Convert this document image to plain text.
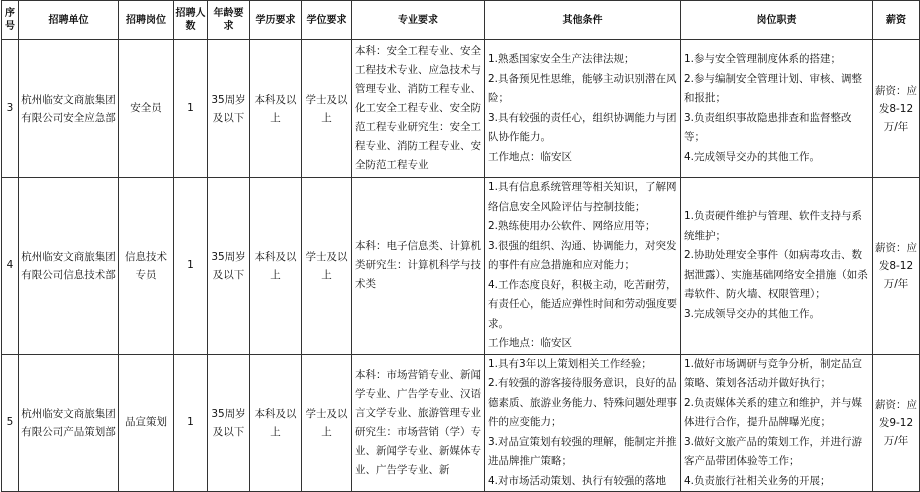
序号	招聘单位	招聘岗位	招聘人数	年龄要求	学历要求	学位要求	专业要求	其他条件	岗位职责	薪资
3	杭州临安文商旅集团有限公司安全应急部	安全员	1	35周岁及以下	本科及以上	学士及以上	本科：安全工程专业、安全工程技术专业、应急技术与管理专业、消防工程专业、化工安全工程专业、安全防范工程专业研究生：安全工程专业、消防工程专业、安全防范工程专业	1.熟悉国家安全生产法律法规；
2.具备预见性思维，能够主动识别潜在风险；
3.具有较强的责任心，组织协调能力与团队协作能力。
工作地点：临安区	1.参与安全管理制度体系的搭建；
2.参与编制安全管理计划、审核、调整和报批；
3.负责组织事故隐患排查和监督整改等；
4.完成领导交办的其他工作。	薪资：应发8-12万/年
4	杭州临安文商旅集团有限公司信息技术部	信息技术专员	1	35周岁及以下	本科及以上	学士及以上	本科：电子信息类、计算机类研究生：计算机科学与技术类	1.具有信息系统管理等相关知识，了解网络信息安全风险评估与控制技能；
2.熟练使用办公软件、网络应用等；
3.很强的组织、沟通、协调能力，对突发的事件有应急措施和应对能力；
4.工作态度良好，积极主动，吃苦耐劳，有责任心，能适应弹性时间和劳动强度要求。
工作地点：临安区	1.负责硬件维护与管理、软件支持与系统维护；
2.协助处理安全事件（如病毒攻击、数据泄露）、实施基础网络安全措施（如杀毒软件、防火墙、权限管理）；
3.完成领导交办的其他工作。	薪资：应发8-12万/年
5	杭州临安文商旅集团有限公司产品策划部	品宣策划	1	35周岁及以下	本科及以上	学士及以上	本科：市场营销专业、新闻学专业、广告学专业、汉语言文学专业、旅游管理专业研究生：市场营销（学）专业、新闻学专业、新媒体专业、广告学专业、新	1.具有3年以上策划相关工作经验；
2.有较强的游客接待服务意识，良好的品德素质、旅游业务能力、特殊问题处理事件的应变能力；
3.对品宣策划有较强的理解，能制定并推进品牌推广策略；
4.对市场活动策划、执行有较强的落地	1.做好市场调研与竞争分析，制定品宣策略、策划各活动并做好执行；
2.负责媒体关系的建立和维护，并与媒体进行合作，提升品牌曝光度；
3.做好文旅产品的策划工作，并进行游客产品带团体验等工作；
4.负责旅行社相关业务的开展；	薪资：应发9-12万/年
